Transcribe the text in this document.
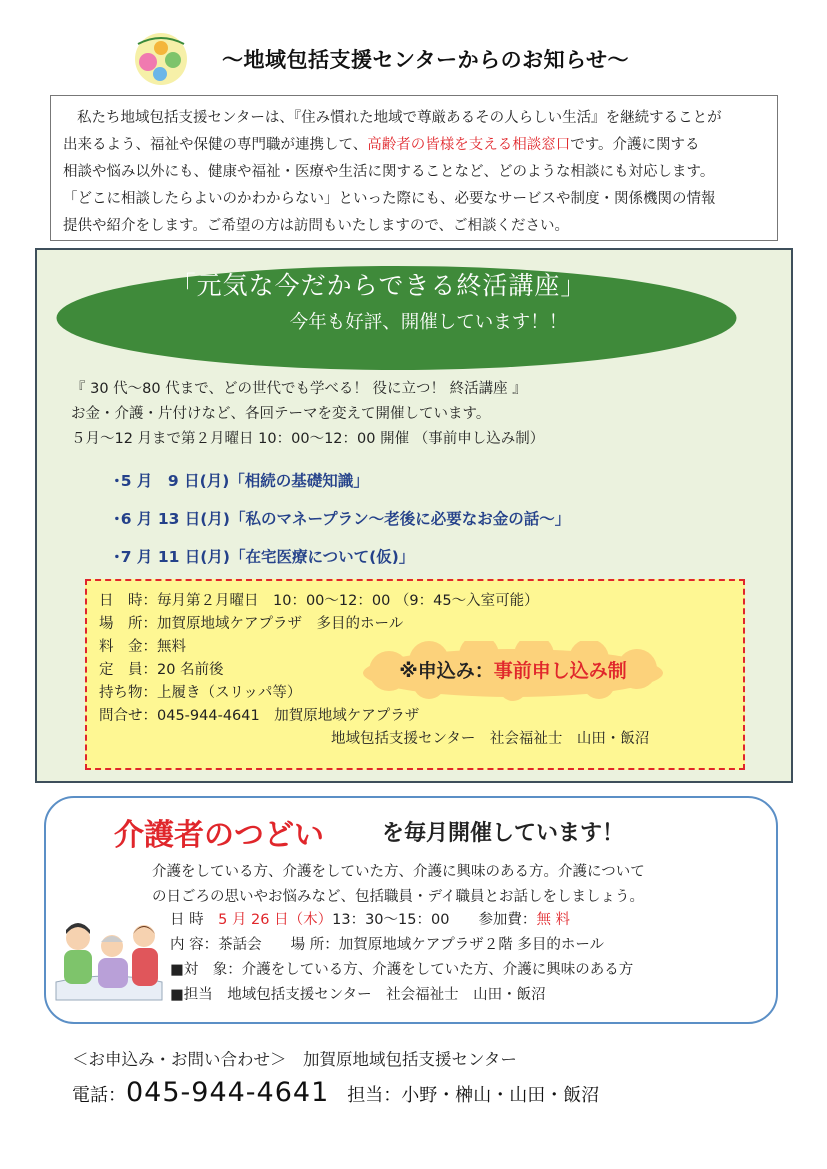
〜地域包括支援センターからのお知らせ〜
私たち地域包括支援センターは、『住み慣れた地域で尊厳あるその人らしい生活』を継続することが
出来るよう、福祉や保健の専門職が連携して、高齢者の皆様を支える相談窓口です。介護に関する
相談や悩み以外にも、健康や福祉・医療や生活に関することなど、どのような相談にも対応します。
「どこに相談したらよいのかわからない」といった際にも、必要なサービスや制度・関係機関の情報
提供や紹介をします。ご希望の方は訪問もいたしますので、ご相談ください。
「元気な今だからできる終活講座」
今年も好評、開催しています！！
『 30 代〜80 代まで、どの世代でも学べる！ 役に立つ！ 終活講座 』
お金・介護・片付けなど、各回テーマを変えて開催しています。
５月〜12 月まで第２月曜日 10：00〜12：00 開催 （事前申し込み制）
･5 月　9 日(月)「相続の基礎知識」
･6 月 13 日(月)「私のマネープラン〜老後に必要なお金の話〜」
･7 月 11 日(月)「在宅医療について(仮)」
日　時：毎月第２月曜日　10：00〜12：00 （9：45〜入室可能）
場　所：加賀原地域ケアプラザ　多目的ホール
料　金：無料
定　員：20 名前後
持ち物：上履き（スリッパ等）
問合せ：045-944-4641　加賀原地域ケアプラザ
地域包括支援センター　社会福祉士　山田・飯沼
※申込み：事前申し込み制
介護者のつどい	を毎月開催しています！
介護をしている方、介護をしていた方、介護に興味のある方。介護について
の日ごろの思いやお悩みなど、包括職員・デイ職員とお話しをしましょう。
日 時　 5 月 26 日（木）13：30〜15：00　　 参加費：無 料
内 容：茶話会　　場 所：加賀原地域ケアプラザ２階 多目的ホール
■対　象：介護をしている方、介護をしていた方、介護に興味のある方
■担当　地域包括支援センター　社会福祉士　山田・飯沼
＜お申込み・お問い合わせ＞　加賀原地域包括支援センター
電話：045-944-4641　 担当：小野・榊山・山田・飯沼
